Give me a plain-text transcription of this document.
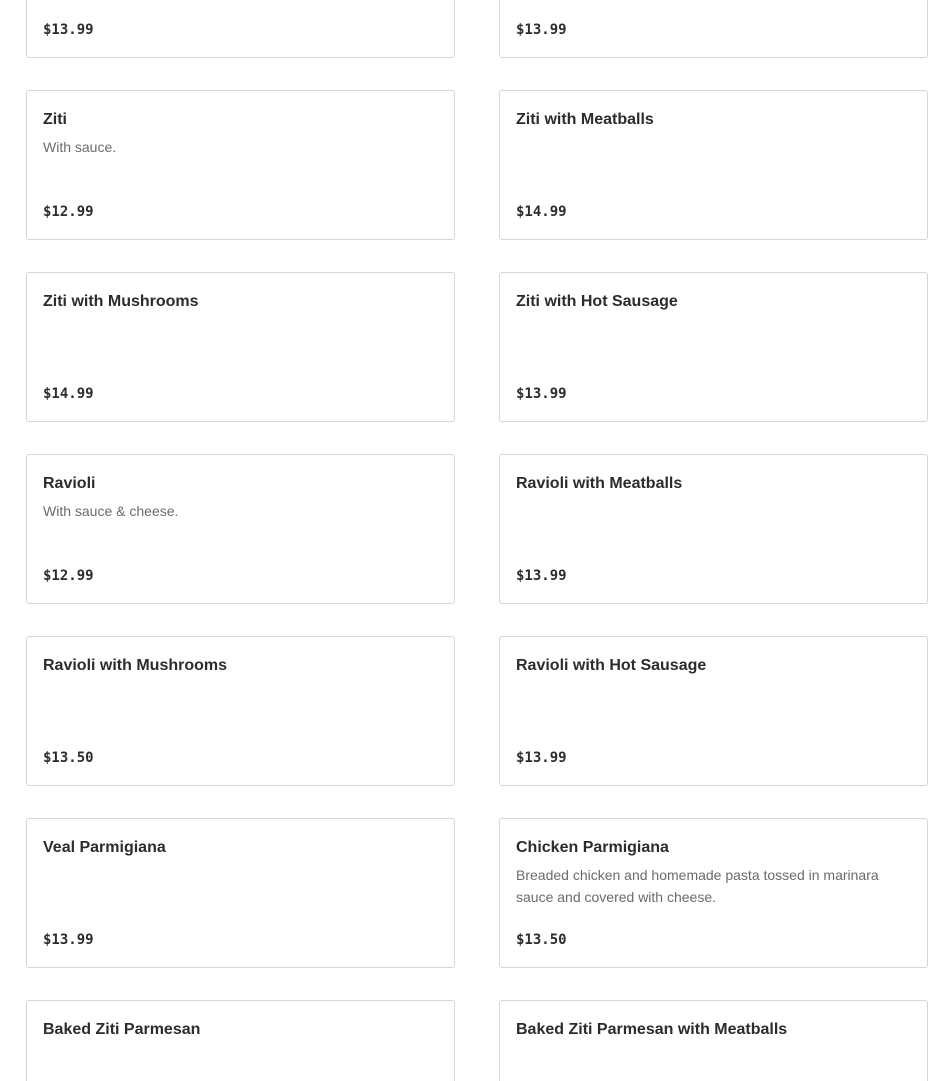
$13.99	$13.99

Ziti

With sauce.

$12.99

Ziti with Meatballs

$14.99

Ziti with Mushrooms

$14.99

Ziti with Hot Sausage

$13.99

Ravioli

With sauce & cheese.

$12.99

Ravioli with Meatballs

$13.99

Ravioli with Mushrooms

$13.50

Ravioli with Hot Sausage

$13.99

Veal Parmigiana

$13.99

Chicken Parmigiana

Breaded chicken and homemade pasta tossed in marinara sauce and covered with cheese.

$13.50

Baked Ziti Parmesan	Baked Ziti Parmesan with Meatballs
